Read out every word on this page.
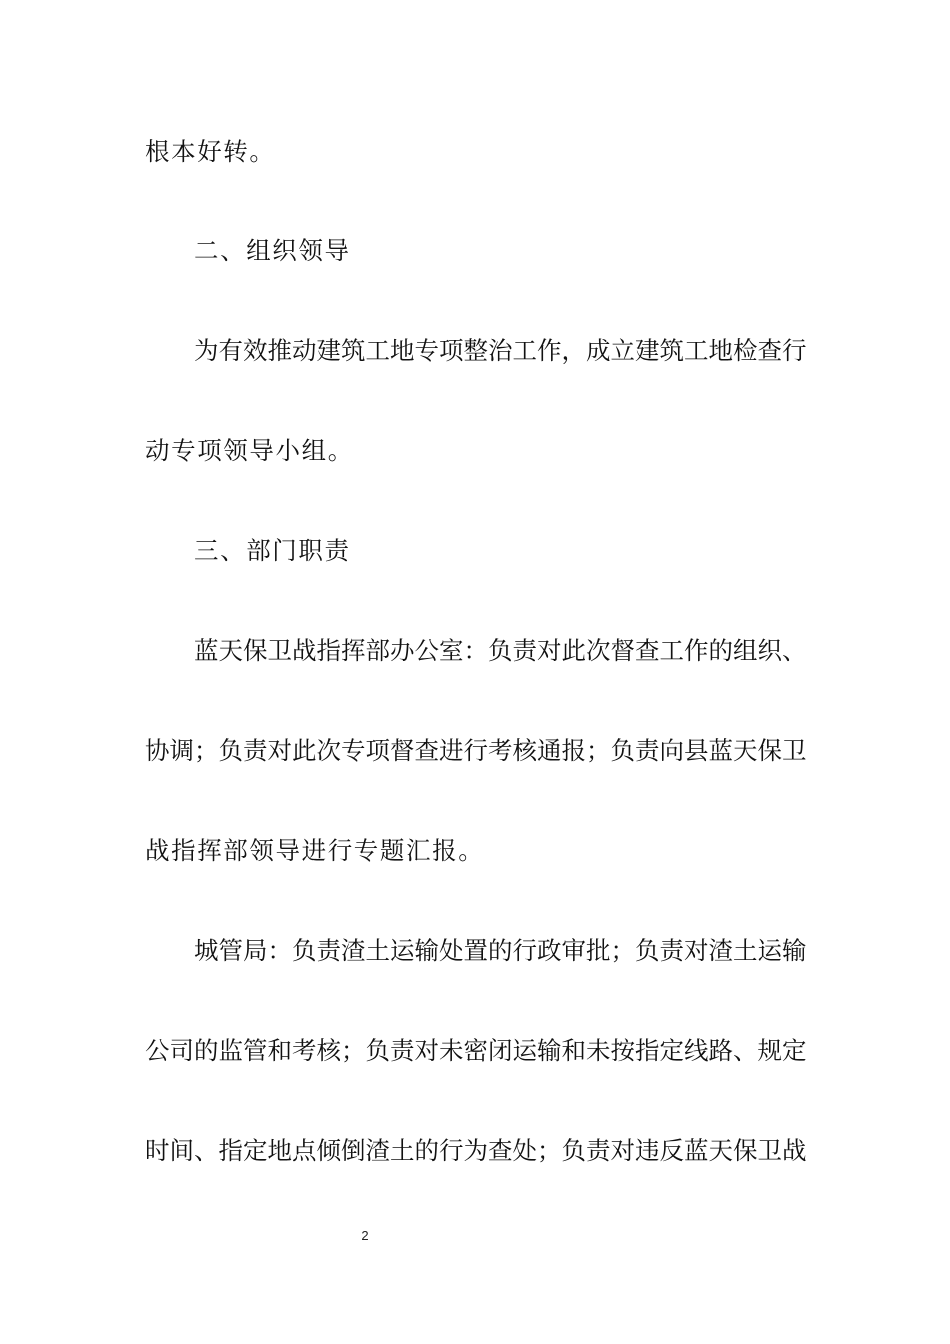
根本好转。
二、组织领导
为有效推动建筑工地专项整治工作，成立建筑工地检查行
动专项领导小组。
三、部门职责
蓝天保卫战指挥部办公室：负责对此次督查工作的组织、
协调；负责对此次专项督查进行考核通报；负责向县蓝天保卫
战指挥部领导进行专题汇报。
城管局：负责渣土运输处置的行政审批；负责对渣土运输
公司的监管和考核；负责对未密闭运输和未按指定线路、规定
时间、指定地点倾倒渣土的行为查处；负责对违反蓝天保卫战
2
